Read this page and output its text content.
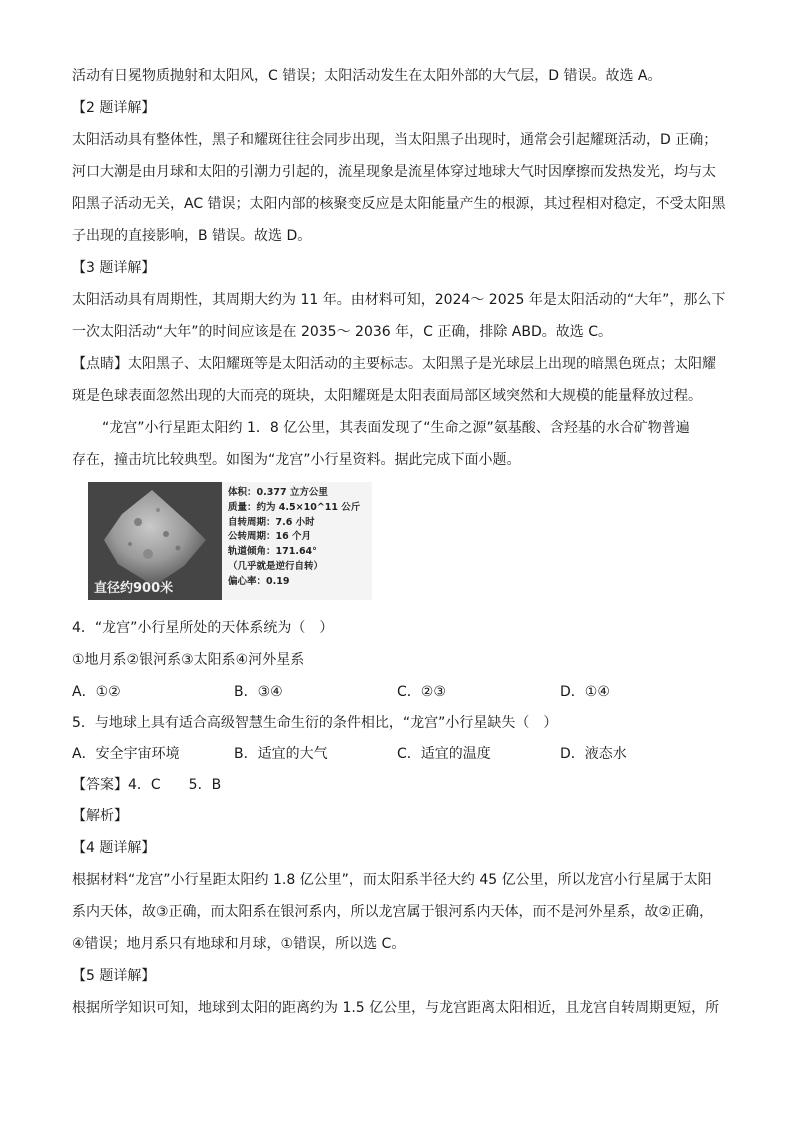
活动有日冕物质抛射和太阳风，C 错误；太阳活动发生在太阳外部的大气层，D 错误。故选 A。
【2 题详解】
太阳活动具有整体性，黑子和耀斑往往会同步出现，当太阳黑子出现时，通常会引起耀斑活动，D 正确；
河口大潮是由月球和太阳的引潮力引起的，流星现象是流星体穿过地球大气时因摩擦而发热发光，均与太
阳黑子活动无关，AC 错误；太阳内部的核聚变反应是太阳能量产生的根源，其过程相对稳定，不受太阳黑
子出现的直接影响，B 错误。故选 D。
【3 题详解】
太阳活动具有周期性，其周期大约为 11 年。由材料可知，2024～ 2025 年是太阳活动的“大年”，那么下
一次太阳活动“大年”的时间应该是在 2035～ 2036 年，C 正确，排除 ABD。故选 C。
【点睛】太阳黑子、太阳耀斑等是太阳活动的主要标志。太阳黑子是光球层上出现的暗黑色斑点；太阳耀
斑是色球表面忽然出现的大而亮的斑块，太阳耀斑是太阳表面局部区域突然和大规模的能量释放过程。
“龙宫”小行星距太阳约 1．8 亿公里，其表面发现了“生命之源”氨基酸、含羟基的水合矿物普遍
存在，撞击坑比较典型。如图为“龙宫”小行星资料。据此完成下面小题。
直径约900米
体积：0.377 立方公里
质量：约为 4.5×10^11 公斤
自转周期：7.6 小时
公转周期：16 个月
轨道倾角：171.64°
（几乎就是逆行自转）
偏心率：0.19
4．“龙宫”小行星所处的天体系统为（　）
①地月系②银河系③太阳系④河外星系
A．①②	B．③④	C．②③	D．①④
5．与地球上具有适合高级智慧生命生衍的条件相比，“龙宫”小行星缺失（　）
A．安全宇宙环境	B．适宜的大气	C．适宜的温度	D．液态水
【答案】4．C　　5．B
【解析】
【4 题详解】
根据材料“龙宫”小行星距太阳约 1.8 亿公里”，而太阳系半径大约 45 亿公里，所以龙宫小行星属于太阳
系内天体，故③正确，而太阳系在银河系内，所以龙宫属于银河系内天体，而不是河外星系，故②正确，
④错误；地月系只有地球和月球，①错误，所以选 C。
【5 题详解】
根据所学知识可知，地球到太阳的距离约为 1.5 亿公里，与龙宫距离太阳相近，且龙宫自转周期更短，所
